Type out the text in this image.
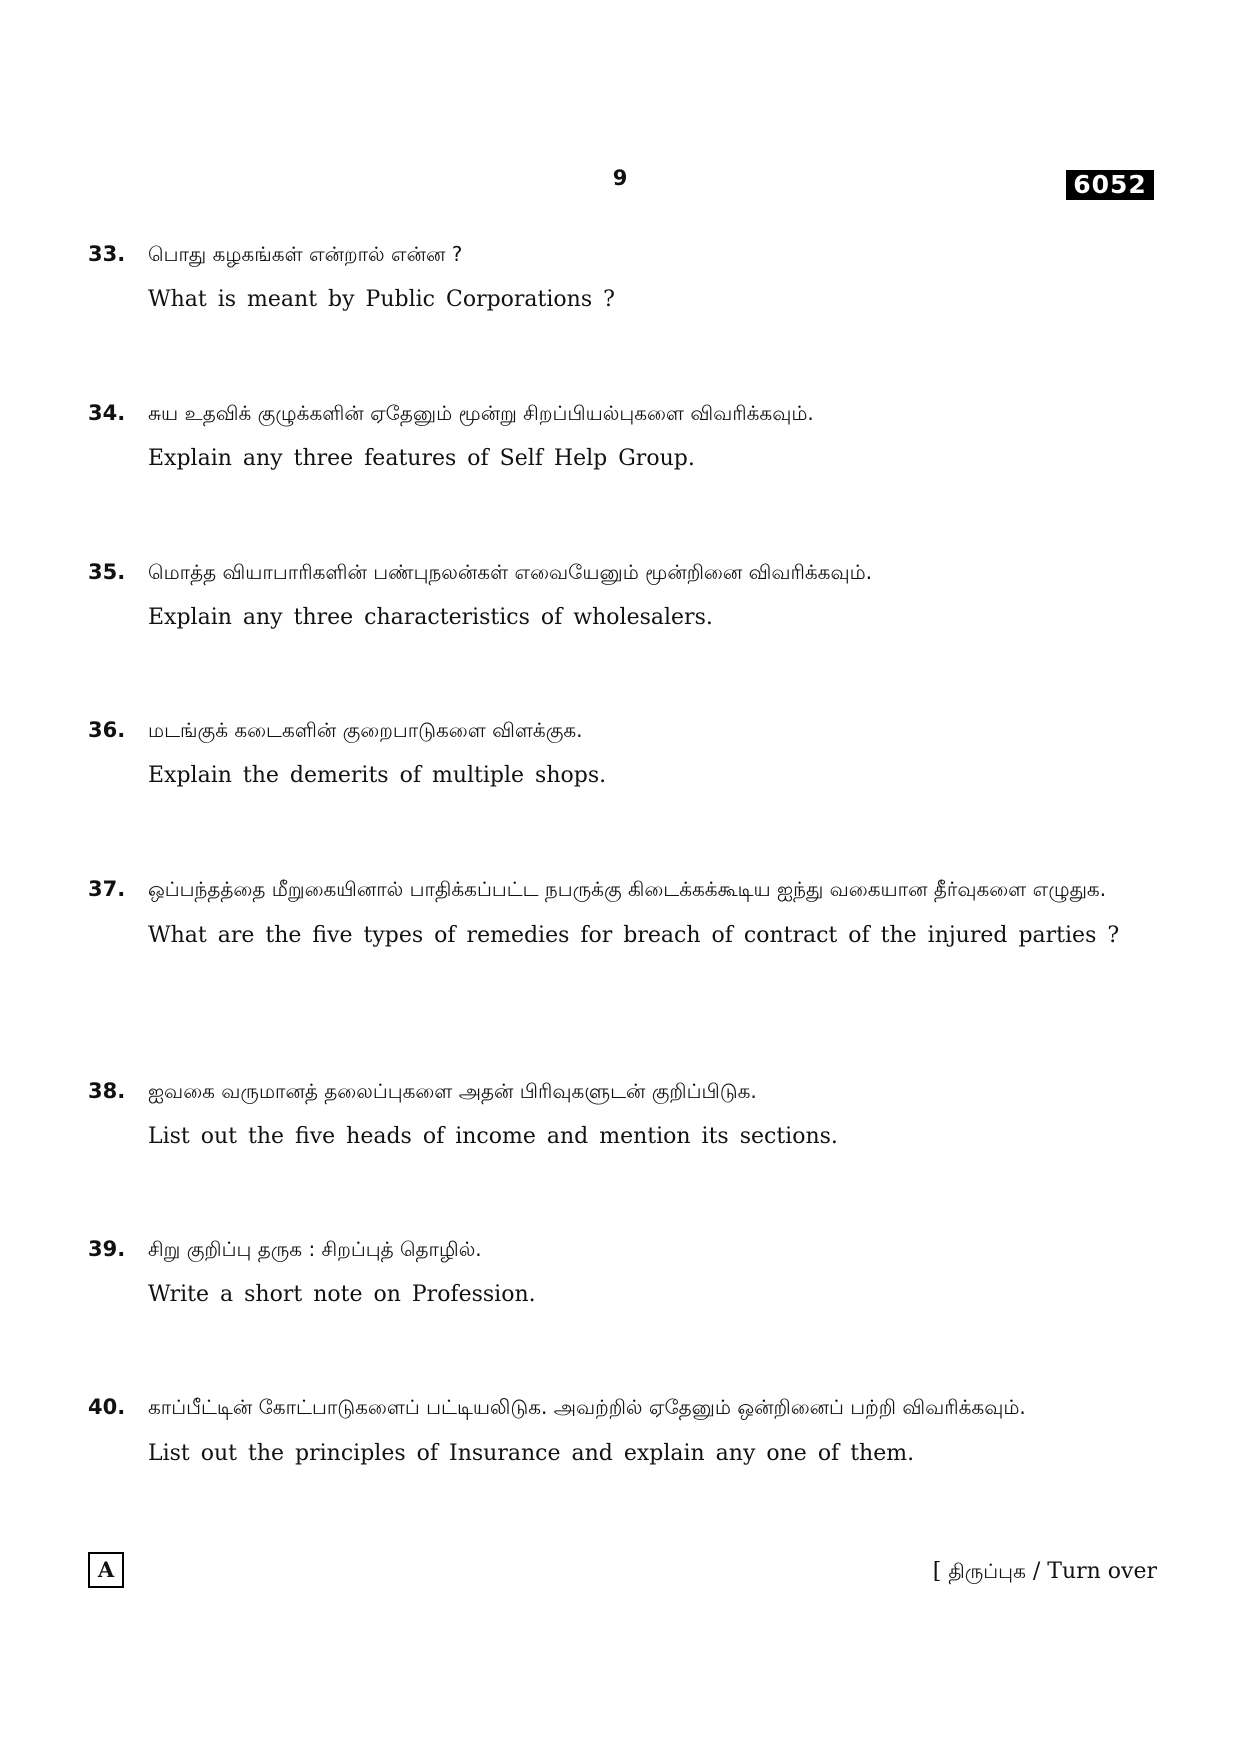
9	6052
33. பொது கழகங்கள் என்றால் என்ன ?

What is meant by Public Corporations ?

34. சுய உதவிக் குழுக்களின் ஏதேனும் மூன்று சிறப்பியல்புகளை விவரிக்கவும்.

Explain any three features of Self Help Group.

35. மொத்த வியாபாரிகளின் பண்புநலன்கள் எவையேனும் மூன்றினை விவரிக்கவும்.

Explain any three characteristics of wholesalers.

36. மடங்குக் கடைகளின் குறைபாடுகளை விளக்குக.

Explain the demerits of multiple shops.

37. ஒப்பந்தத்தை மீறுகையினால் பாதிக்கப்பட்ட நபருக்கு கிடைக்கக்கூடிய ஐந்து வகையான தீர்வுகளை எழுதுக.

What are the five types of remedies for breach of contract of the injured parties ?

38. ஐவகை வருமானத் தலைப்புகளை அதன் பிரிவுகளுடன் குறிப்பிடுக.

List out the five heads of income and mention its sections.

39. சிறு குறிப்பு தருக : சிறப்புத் தொழில்.

Write a short note on Profession.

40. காப்பீட்டின் கோட்பாடுகளைப் பட்டியலிடுக. அவற்றில் ஏதேனும் ஒன்றினைப் பற்றி விவரிக்கவும்.

List out the principles of Insurance and explain any one of them.

A	[ திருப்புக / Turn over
